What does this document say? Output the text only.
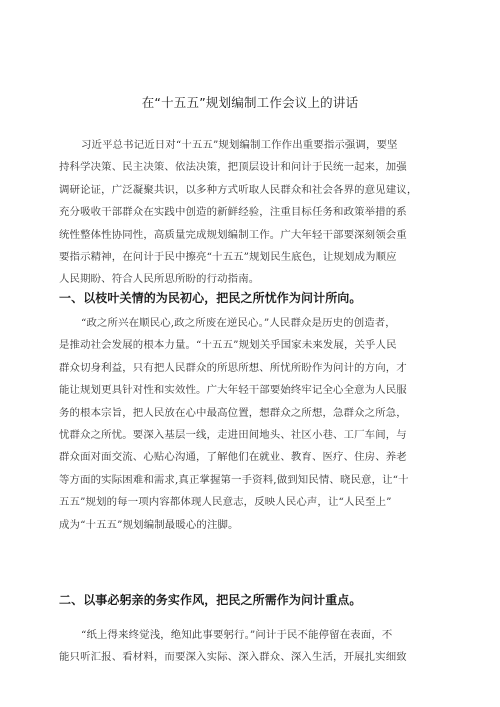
在“十五五”规划编制工作会议上的讲话
习近平总书记近日对“十五五”规划编制工作作出重要指示强调，要坚
持科学决策、民主决策、依法决策，把顶层设计和问计于民统一起来，加强
调研论证，广泛凝聚共识，以多种方式听取人民群众和社会各界的意见建议，
充分吸收干部群众在实践中创造的新鲜经验，注重目标任务和政策举措的系
统性整体性协同性，高质量完成规划编制工作。广大年轻干部要深刻领会重
要指示精神，在问计于民中擦亮“十五五”规划民生底色，让规划成为顺应
人民期盼、符合人民所思所盼的行动指南。
一、以枝叶关情的为民初心，把民之所忧作为问计所向。
“政之所兴在顺民心,政之所废在逆民心。”人民群众是历史的创造者，
是推动社会发展的根本力量。“十五五”规划关乎国家未来发展，关乎人民
群众切身利益，只有把人民群众的所思所想、所忧所盼作为问计的方向，才
能让规划更具针对性和实效性。广大年轻干部要始终牢记全心全意为人民服
务的根本宗旨，把人民放在心中最高位置，想群众之所想，急群众之所急，
忧群众之所忧。要深入基层一线，走进田间地头、社区小巷、工厂车间，与
群众面对面交流、心贴心沟通，了解他们在就业、教育、医疗、住房、养老
等方面的实际困难和需求,真正掌握第一手资料,做到知民情、晓民意，让“十
五五”规划的每一项内容都体现人民意志，反映人民心声，让“人民至上”
成为“十五五”规划编制最暖心的注脚。
二、以事必躬亲的务实作风，把民之所需作为问计重点。
“纸上得来终觉浅，绝知此事要躬行。”问计于民不能停留在表面，不
能只听汇报、看材料，而要深入实际、深入群众、深入生活，开展扎实细致
